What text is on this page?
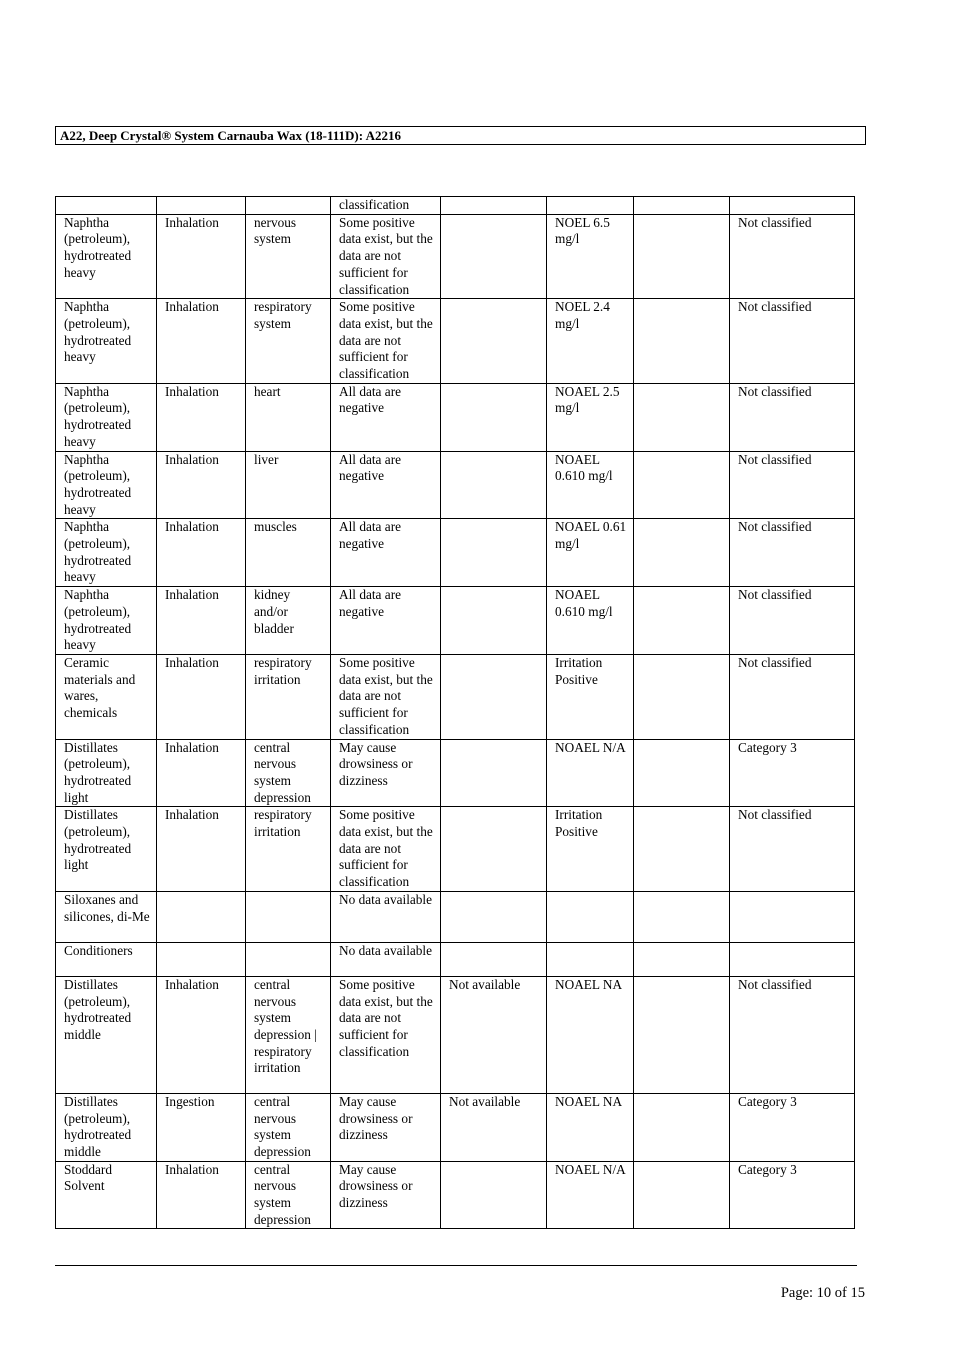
A22, Deep Crystal® System Carnauba Wax (18-111D): A2216
			classification				
Naphtha (petroleum), hydrotreated heavy	Inhalation	nervous system	Some positive data exist, but the data are not sufficient for classification		NOEL 6.5 mg/l		Not classified
Naphtha (petroleum), hydrotreated heavy	Inhalation	respiratory system	Some positive data exist, but the data are not sufficient for classification		NOEL 2.4 mg/l		Not classified
Naphtha (petroleum), hydrotreated heavy	Inhalation	heart	All data are negative		NOAEL 2.5 mg/l		Not classified
Naphtha (petroleum), hydrotreated heavy	Inhalation	liver	All data are negative		NOAEL 0.610 mg/l		Not classified
Naphtha (petroleum), hydrotreated heavy	Inhalation	muscles	All data are negative		NOAEL 0.61 mg/l		Not classified
Naphtha (petroleum), hydrotreated heavy	Inhalation	kidney and/or bladder	All data are negative		NOAEL 0.610 mg/l		Not classified
Ceramic materials and wares, chemicals	Inhalation	respiratory irritation	Some positive data exist, but the data are not sufficient for classification		Irritation Positive		Not classified
Distillates (petroleum), hydrotreated light	Inhalation	central nervous system depression	May cause drowsiness or dizziness		NOAEL N/A		Category 3
Distillates (petroleum), hydrotreated light	Inhalation	respiratory irritation	Some positive data exist, but the data are not sufficient for classification		Irritation Positive		Not classified
Siloxanes and silicones, di-Me			No data available				
Conditioners			No data available				
Distillates (petroleum), hydrotreated middle	Inhalation	central nervous system depression | respiratory irritation	Some positive data exist, but the data are not sufficient for classification	Not available	NOAEL NA		Not classified
Distillates (petroleum), hydrotreated middle	Ingestion	central nervous system depression	May cause drowsiness or dizziness	Not available	NOAEL NA		Category 3
Stoddard Solvent	Inhalation	central nervous system depression	May cause drowsiness or dizziness		NOAEL N/A		Category 3
Page: 10 of 15
